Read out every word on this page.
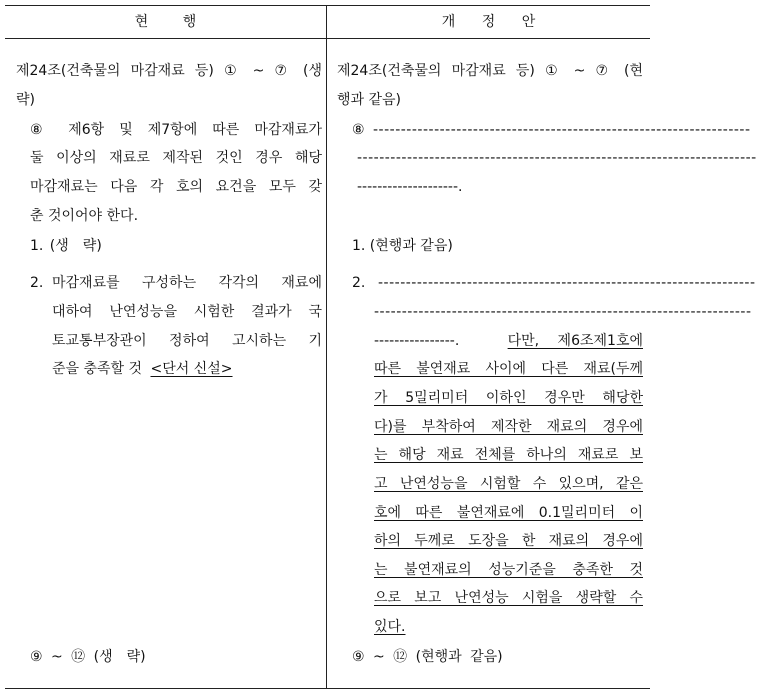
현 행	개 정 안
제24조(건축물의 마감재료 등) ① ~ ⑦ (생
략)
⑧ 제6항 및 제7항에 따른 마감재료가
둘 이상의 재료로 제작된 것인 경우 해당
마감재료는 다음 각 호의 요건을 모두 갖
춘 것이어야 한다.
1. (생　략)
2. 마감재료를 구성하는 각각의 재료에
대하여 난연성능을 시험한 결과가 국
토교통부장관이 정하여 고시하는 기
준을 충족할 것 <단서 신설>
⑨ ~ ⑫ (생　략)
제24조(건축물의 마감재료 등) ① ~ ⑦ (현
행과 같음)
⑧ --------------------------------------------------------------------
------------------------------------------------------------------------
--------------------.
1. (현행과 같음)
2. --------------------------------------------------------------------
--------------------------------------------------------------------
----------------.	다만, 제6조제1호에
따른 불연재료 사이에 다른 재료(두께
가 5밀리미터 이하인 경우만 해당한
다)를 부착하여 제작한 재료의 경우에
는 해당 재료 전체를 하나의 재료로 보
고 난연성능을 시험할 수 있으며, 같은
호에 따른 불연재료에 0.1밀리미터 이
하의 두께로 도장을 한 재료의 경우에
는 불연재료의 성능기준을 충족한 것
으로 보고 난연성능 시험을 생략할 수
있다.
⑨ ~ ⑫ (현행과 같음)
